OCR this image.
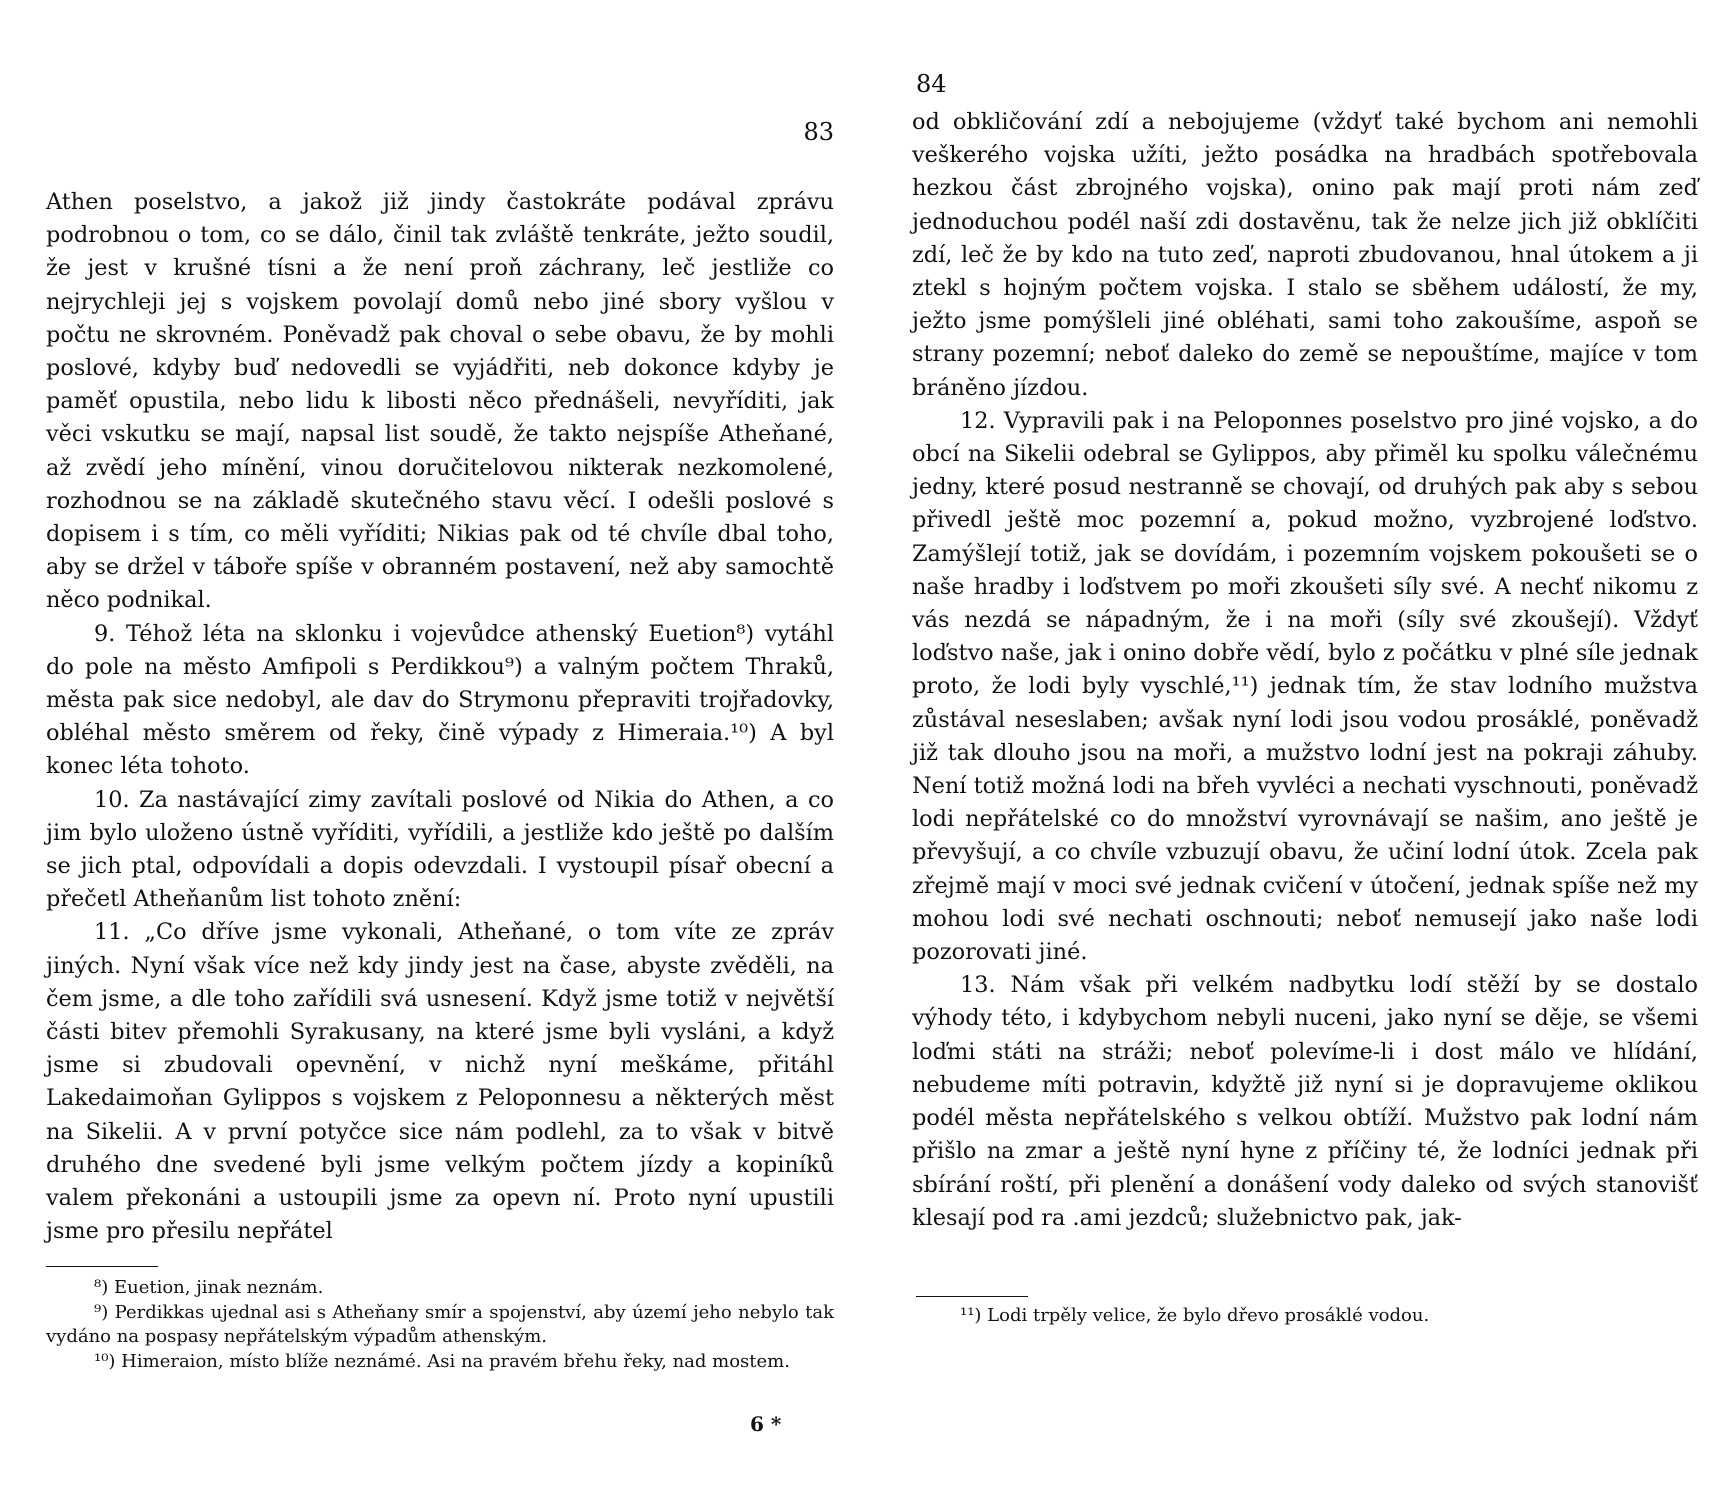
83

Athen poselstvo, a jakož již jindy častokráte podával zprávu podrobnou o tom, co se dálo, činil tak zvláště tenkráte, ježto soudil, že jest v krušné tísni a že není proň záchrany, leč jestliže co nejrychleji jej s vojskem povolají domů nebo jiné sbory vyšlou v počtu ne skrovném. Poněvadž pak choval o sebe obavu, že by mohli poslové, kdyby buď nedovedli se vyjádřiti, neb dokonce kdyby je paměť opustila, nebo lidu k libosti něco přednášeli, nevyříditi, jak věci vskutku se mají, napsal list soudě, že takto nejspíše Atheňané, až zvědí jeho mínění, vinou doručitelovou nikterak nezkomolené, rozhodnou se na základě skutečného stavu věcí. I odešli poslové s dopisem i s tím, co měli vyříditi; Nikias pak od té chvíle dbal toho, aby se držel v táboře spíše v obranném postavení, než aby samochtě něco podnikal.

9. Téhož léta na sklonku i vojevůdce athenský Euetion⁸) vytáhl do pole na město Amfipoli s Perdikkou⁹) a valným počtem Thraků, města pak sice nedobyl, ale dav do Strymonu přepraviti trojřadovky, obléhal město směrem od řeky, čině výpady z Himeraia.¹⁰) A byl konec léta tohoto.

10. Za nastávající zimy zavítali poslové od Nikia do Athen, a co jim bylo uloženo ústně vyříditi, vyřídili, a jestliže kdo ještě po dalším se jich ptal, odpovídali a dopis odevzdali. I vystoupil písař obecní a přečetl Atheňanům list tohoto znění:

11. „Co dříve jsme vykonali, Atheňané, o tom víte ze zpráv jiných. Nyní však více než kdy jindy jest na čase, abyste zvěděli, na čem jsme, a dle toho zařídili svá usnesení. Když jsme totiž v největší části bitev přemohli Syrakusany, na které jsme byli vysláni, a když jsme si zbudovali opevnění, v nichž nyní meškáme, přitáhl Lakedaimoňan Gylippos s vojskem z Peloponnesu a některých měst na Sikelii. A v první potyčce sice nám podlehl, za to však v bitvě druhého dne svedené byli jsme velkým počtem jízdy a kopiníků valem překonáni a ustoupili jsme za opevn ní. Proto nyní upustili jsme pro přesilu nepřátel

⁸) Euetion, jinak neznám.

⁹) Perdikkas ujednal asi s Atheňany smír a spojenství, aby území jeho nebylo tak vydáno na pospasy nepřátelským výpadům athenským.

¹⁰) Himeraion, místo blíže neznámé. Asi na pravém břehu řeky, nad mostem.

6 *
84

od obkličování zdí a nebojujeme (vždyť také bychom ani nemohli veškerého vojska užíti, ježto posádka na hradbách spotřebovala hezkou část zbrojného vojska), onino pak mají proti nám zeď jednoduchou podél naší zdi dostavěnu, tak že nelze jich již obklíčiti zdí, leč že by kdo na tuto zeď, naproti zbudovanou, hnal útokem a ji ztekl s hojným počtem vojska. I stalo se sběhem událostí, že my, ježto jsme pomýšleli jiné obléhati, sami toho zakoušíme, aspoň se strany pozemní; neboť daleko do země se nepouštíme, majíce v tom bráněno jízdou.

12. Vypravili pak i na Peloponnes poselstvo pro jiné vojsko, a do obcí na Sikelii odebral se Gylippos, aby přiměl ku spolku válečnému jedny, které posud nestranně se chovají, od druhých pak aby s sebou přivedl ještě moc pozemní a, pokud možno, vyzbrojené loďstvo. Zamýšlejí totiž, jak se dovídám, i pozemním vojskem pokoušeti se o naše hradby i loďstvem po moři zkoušeti síly své. A nechť nikomu z vás nezdá se nápadným, že i na moři (síly své zkoušejí). Vždyť loďstvo naše, jak i onino dobře vědí, bylo z počátku v plné síle jednak proto, že lodi byly vyschlé,¹¹) jednak tím, že stav lodního mužstva zůstával neseslaben; avšak nyní lodi jsou vodou prosáklé, poněvadž již tak dlouho jsou na moři, a mužstvo lodní jest na pokraji záhuby. Není totiž možná lodi na břeh vyvléci a nechati vyschnouti, poněvadž lodi nepřátelské co do množství vyrovnávají se našim, ano ještě je převyšují, a co chvíle vzbuzují obavu, že učiní lodní útok. Zcela pak zřejmě mají v moci své jednak cvičení v útočení, jednak spíše než my mohou lodi své nechati oschnouti; neboť nemusejí jako naše lodi pozorovati jiné.

13. Nám však při velkém nadbytku lodí stěží by se dostalo výhody této, i kdybychom nebyli nuceni, jako nyní se děje, se všemi loďmi státi na stráži; neboť polevíme-li i dost málo ve hlídání, nebudeme míti potravin, kdyžtě již nyní si je dopravujeme oklikou podél města nepřátelského s velkou obtíží. Mužstvo pak lodní nám přišlo na zmar a ještě nyní hyne z příčiny té, že lodníci jednak při sbírání roští, při plenění a donášení vody daleko od svých stanovišť klesají pod ra .ami jezdců; služebnictvo pak, jak-

¹¹) Lodi trpěly velice, že bylo dřevo prosáklé vodou.
